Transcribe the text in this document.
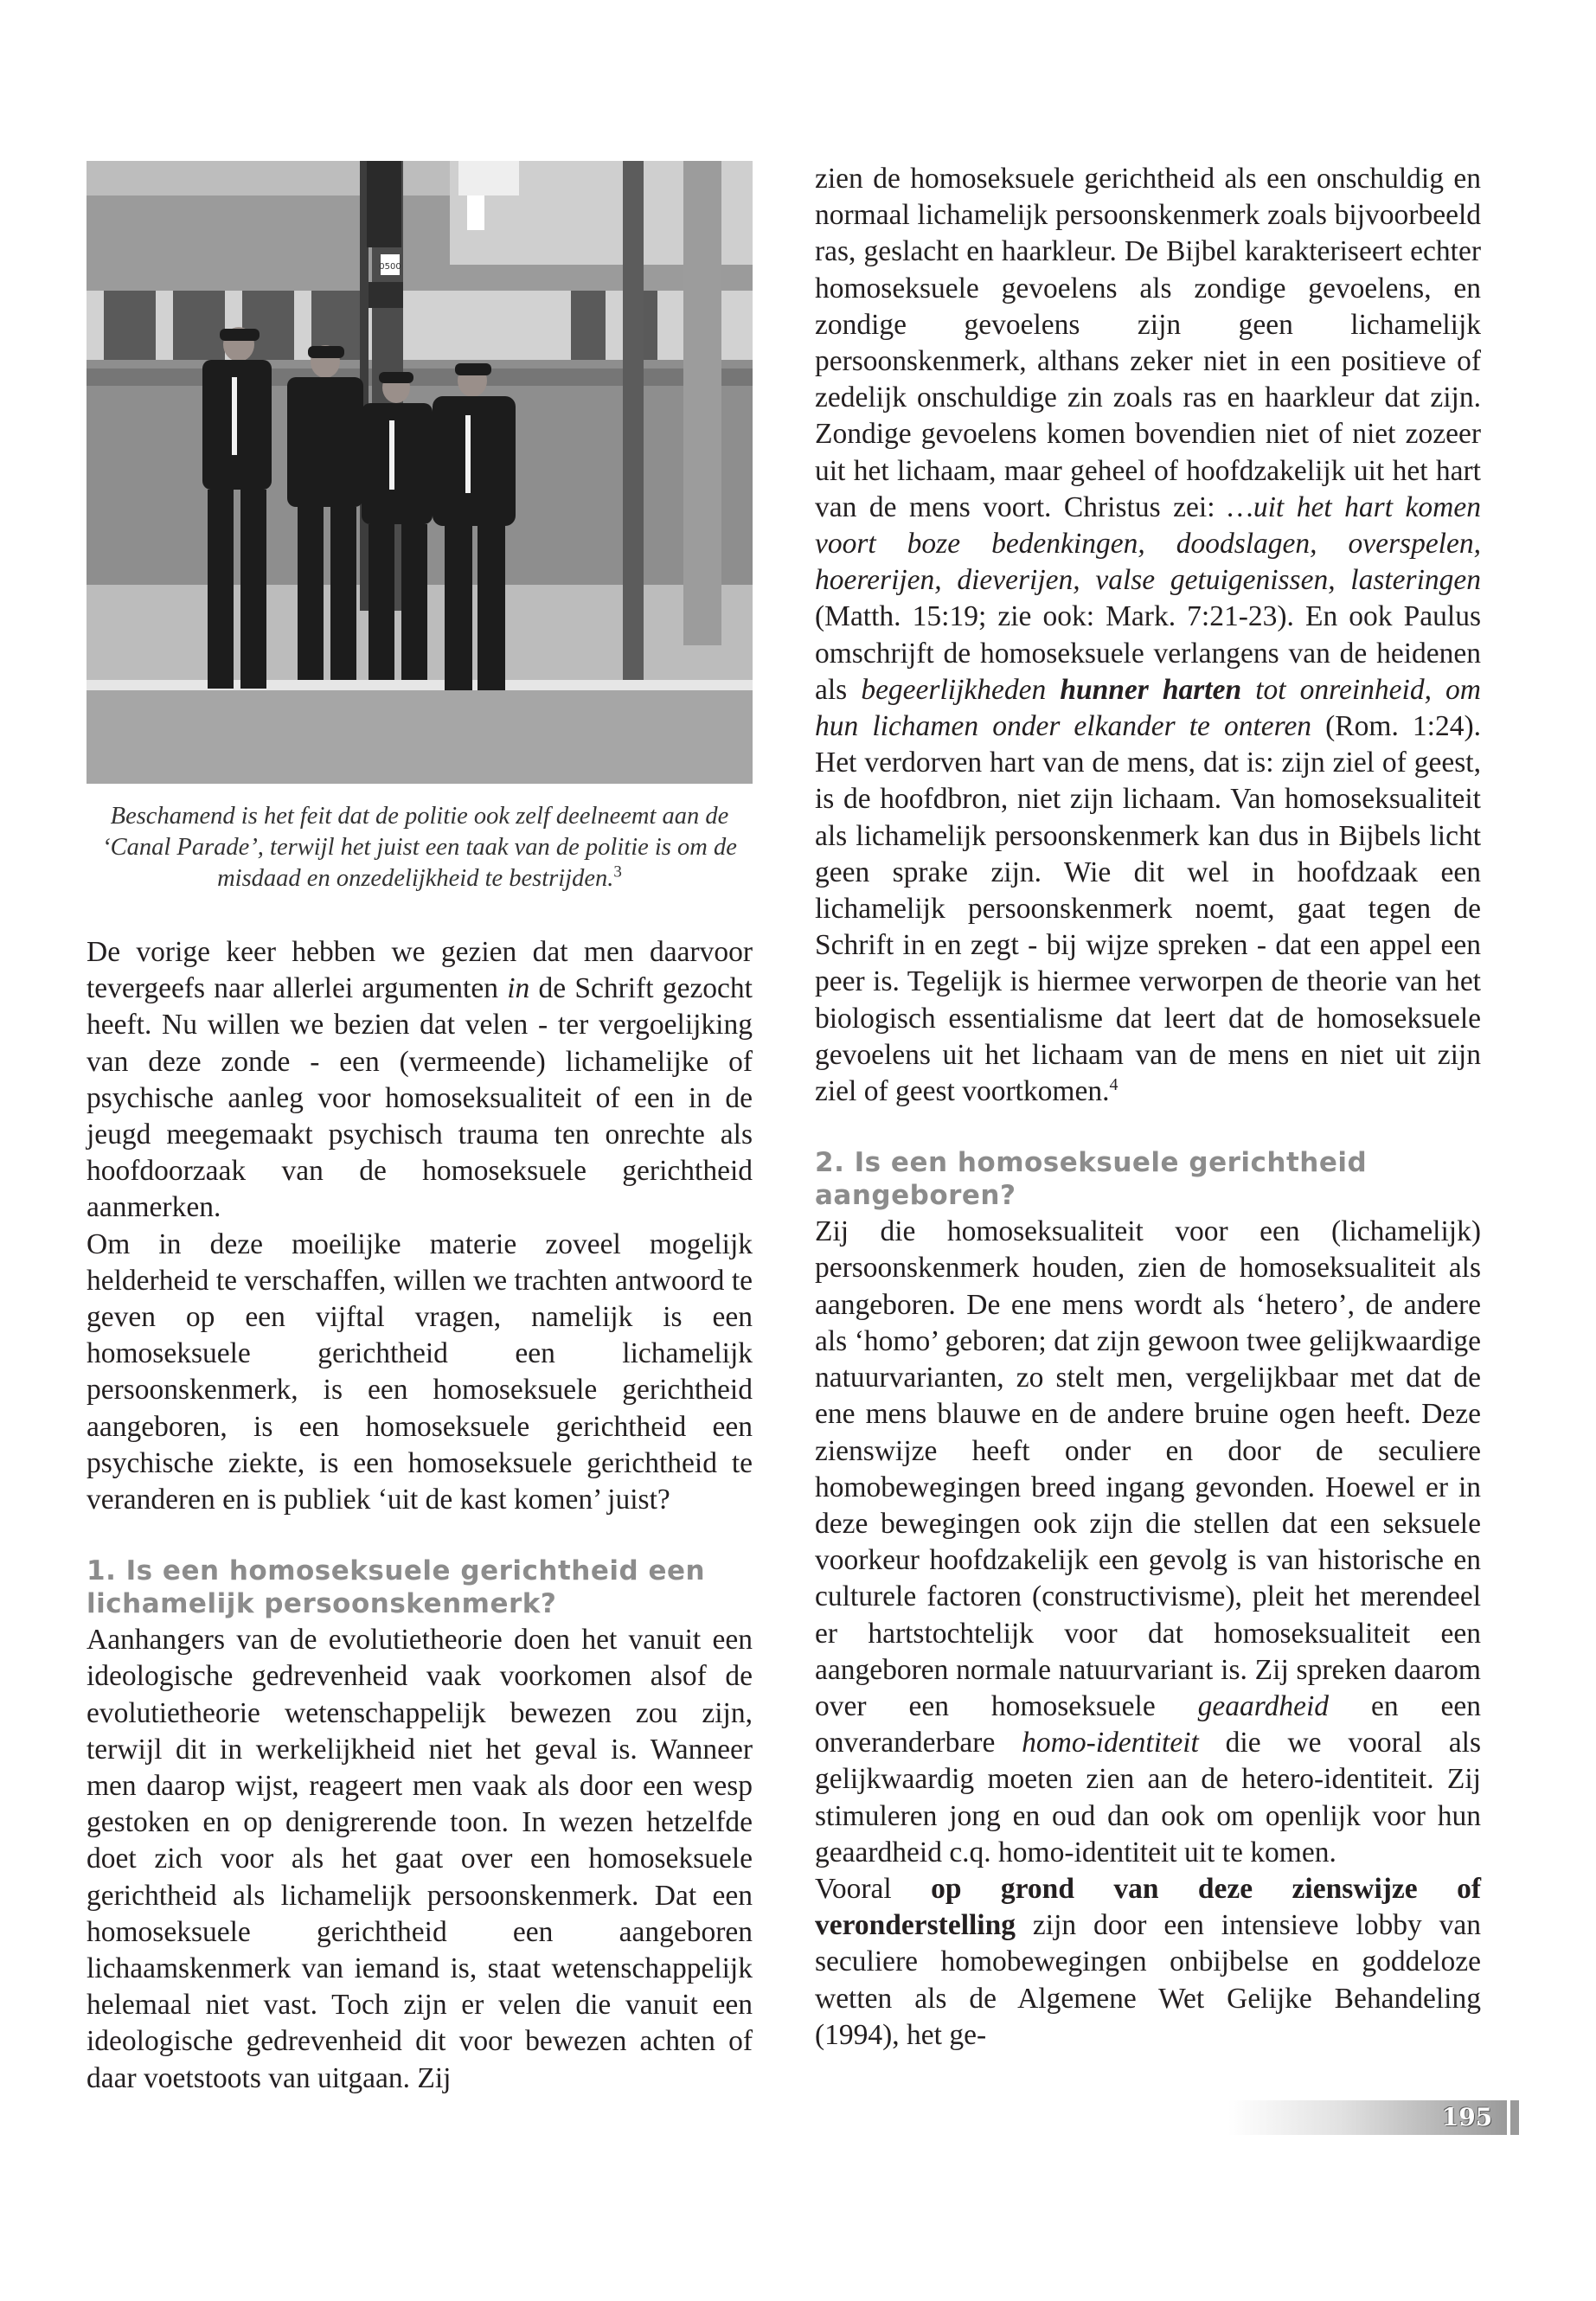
0500
Beschamend is het feit dat de politie ook zelf deelneemt aan de ‘Canal Parade’, terwijl het juist een taak van de politie is om de misdaad en onzedelijkheid te bestrijden.$^3$

De vorige keer hebben we gezien dat men daarvoor tevergeefs naar allerlei argumenten in de Schrift gezocht heeft. Nu willen we bezien dat velen - ter vergoelijking van deze zonde - een (vermeende) lichamelijke of psychische aanleg voor homoseksualiteit of een in de jeugd meegemaakt psychisch trauma ten onrechte als hoofdoorzaak van de homoseksuele gerichtheid aanmerken.

Om in deze moeilijke materie zoveel mogelijk helderheid te verschaffen, willen we trachten antwoord te geven op een vijftal vragen, namelijk is een homoseksuele gerichtheid een lichamelijk persoonskenmerk, is een homoseksuele gerichtheid aangeboren, is een homoseksuele gerichtheid een psychische ziekte, is een homoseksuele gerichtheid te veranderen en is publiek ‘uit de kast komen’ juist?

1. Is een homoseksuele gerichtheid een lichamelijk persoonskenmerk?

Aanhangers van de evolutietheorie doen het vanuit een ideologische gedrevenheid vaak voorkomen alsof de evolutietheorie wetenschappelijk bewezen zou zijn, terwijl dit in werkelijkheid niet het geval is. Wanneer men daarop wijst, reageert men vaak als door een wesp gestoken en op denigrerende toon. In wezen hetzelfde doet zich voor als het gaat over een homoseksuele gerichtheid als lichamelijk persoonskenmerk. Dat een homoseksuele gerichtheid een aangeboren lichaamskenmerk van iemand is, staat wetenschappelijk helemaal niet vast. Toch zijn er velen die vanuit een ideologische gedrevenheid dit voor bewezen achten of daar voetstoots van uitgaan. Zij

zien de homoseksuele gerichtheid als een onschuldig en normaal lichamelijk persoonskenmerk zoals bijvoorbeeld ras, geslacht en haarkleur. De Bijbel karakteriseert echter homoseksuele gevoelens als zondige gevoelens, en zondige gevoelens zijn geen lichamelijk persoonskenmerk, althans zeker niet in een positieve of zedelijk onschuldige zin zoals ras en haarkleur dat zijn. Zondige gevoelens komen bovendien niet of niet zozeer uit het lichaam, maar geheel of hoofdzakelijk uit het hart van de mens voort. Christus zei: …uit het hart komen voort boze bedenkingen, doodslagen, overspelen, hoererijen, dieverijen, valse getuigenissen, lasteringen (Matth. 15:19; zie ook: Mark. 7:21-23). En ook Paulus omschrijft de homoseksuele verlangens van de heidenen als begeerlijkheden hunner harten tot onreinheid, om hun lichamen onder elkander te onteren (Rom. 1:24). Het verdorven hart van de mens, dat is: zijn ziel of geest, is de hoofdbron, niet zijn lichaam. Van homoseksualiteit als lichamelijk persoonskenmerk kan dus in Bijbels licht geen sprake zijn. Wie dit wel in hoofdzaak een lichamelijk persoonskenmerk noemt, gaat tegen de Schrift in en zegt - bij wijze spreken - dat een appel een peer is. Tegelijk is hiermee verworpen de theorie van het biologisch essentialisme dat leert dat de homoseksuele gevoelens uit het lichaam van de mens en niet uit zijn ziel of geest voortkomen.$^4$

2. Is een homoseksuele gerichtheid aangeboren?

Zij die homoseksualiteit voor een (lichamelijk) persoonskenmerk houden, zien de homoseksualiteit als aangeboren. De ene mens wordt als ‘hetero’, de andere als ‘homo’ geboren; dat zijn gewoon twee gelijkwaardige natuurvarianten, zo stelt men, vergelijkbaar met dat de ene mens blauwe en de andere bruine ogen heeft. Deze zienswijze heeft onder en door de seculiere homobewegingen breed ingang gevonden. Hoewel er in deze bewegingen ook zijn die stellen dat een seksuele voorkeur hoofdzakelijk een gevolg is van historische en culturele factoren (constructivisme), pleit het merendeel er hartstochtelijk voor dat homoseksualiteit een aangeboren normale natuurvariant is. Zij spreken daarom over een homoseksuele geaardheid en een onveranderbare homo-identiteit die we vooral als gelijkwaardig moeten zien aan de hetero-identiteit. Zij stimuleren jong en oud dan ook om openlijk voor hun geaardheid c.q. homo-identiteit uit te komen.

Vooral op grond van deze zienswijze of veronderstelling zijn door een intensieve lobby van seculiere homobewegingen onbijbelse en goddeloze wetten als de Algemene Wet Gelijke Behandeling (1994), het ge-

195
